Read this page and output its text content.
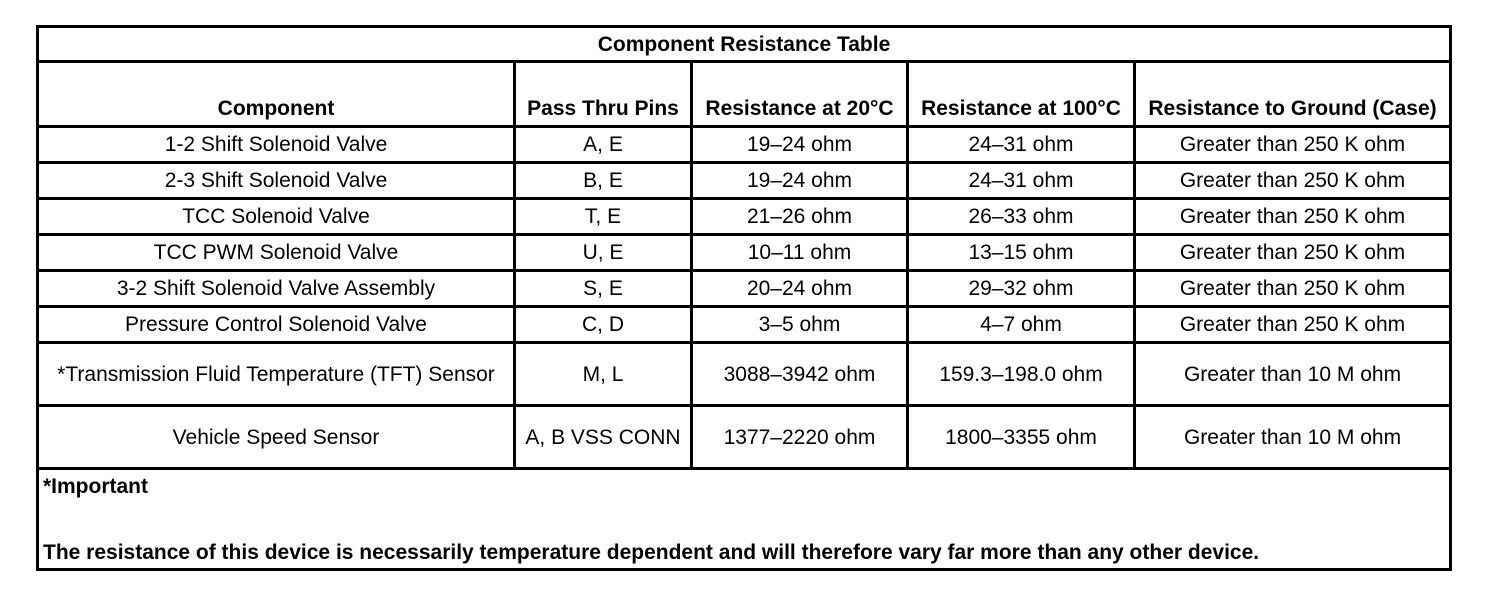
Component Resistance Table				
Component	Pass Thru Pins	Resistance at 20°C	Resistance at 100°C	Resistance to Ground (Case)
1-2 Shift Solenoid Valve	A, E	19–24 ohm	24–31 ohm	Greater than 250 K ohm
2-3 Shift Solenoid Valve	B, E	19–24 ohm	24–31 ohm	Greater than 250 K ohm
TCC Solenoid Valve	T, E	21–26 ohm	26–33 ohm	Greater than 250 K ohm
TCC PWM Solenoid Valve	U, E	10–11 ohm	13–15 ohm	Greater than 250 K ohm
3-2 Shift Solenoid Valve Assembly	S, E	20–24 ohm	29–32 ohm	Greater than 250 K ohm
Pressure Control Solenoid Valve	C, D	3–5 ohm	4–7 ohm	Greater than 250 K ohm
*Transmission Fluid Temperature (TFT) Sensor	M, L	3088–3942 ohm	159.3–198.0 ohm	Greater than 10 M ohm
Vehicle Speed Sensor	A, B VSS CONN	1377–2220 ohm	1800–3355 ohm	Greater than 10 M ohm

*Important
The resistance of this device is necessarily temperature dependent and will therefore vary far more than any other device.				
